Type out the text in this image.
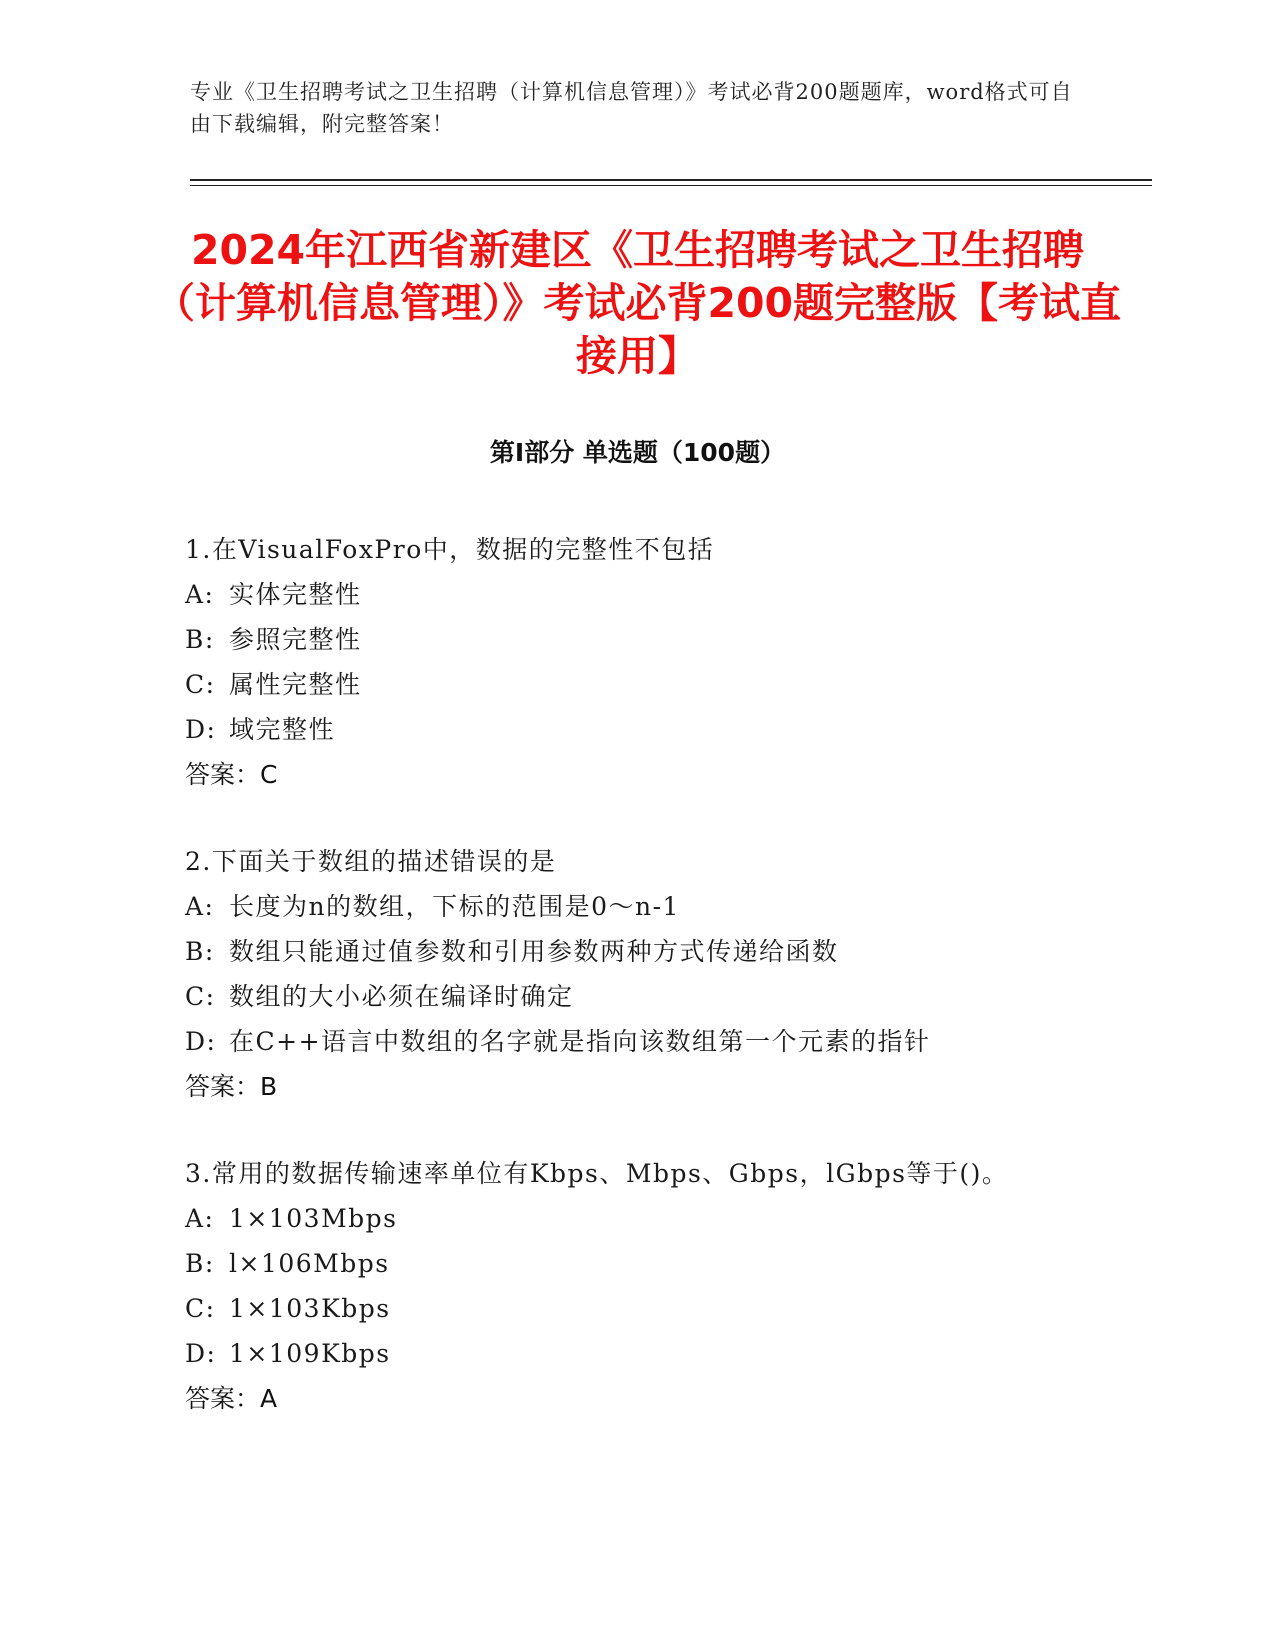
专业《卫生招聘考试之卫生招聘（计算机信息管理）》考试必背200题题库，word格式可自由下载编辑，附完整答案！
2024年江西省新建区《卫生招聘考试之卫生招聘（计算机信息管理）》考试必背200题完整版【考试直接用】
第Ⅰ部分 单选题（100题）
1.在VisualFoxPro中，数据的完整性不包括
A: 实体完整性
B: 参照完整性
C: 属性完整性
D: 域完整性
答案：C
2.下面关于数组的描述错误的是
A: 长度为n的数组，下标的范围是0～n-1
B: 数组只能通过值参数和引用参数两种方式传递给函数
C: 数组的大小必须在编译时确定
D: 在C++语言中数组的名字就是指向该数组第一个元素的指针
答案：B
3.常用的数据传输速率单位有Kbps、Mbps、Gbps，lGbps等于()。
A: 1×103Mbps
B: l×106Mbps
C: 1×103Kbps
D: 1×109Kbps
答案：A
